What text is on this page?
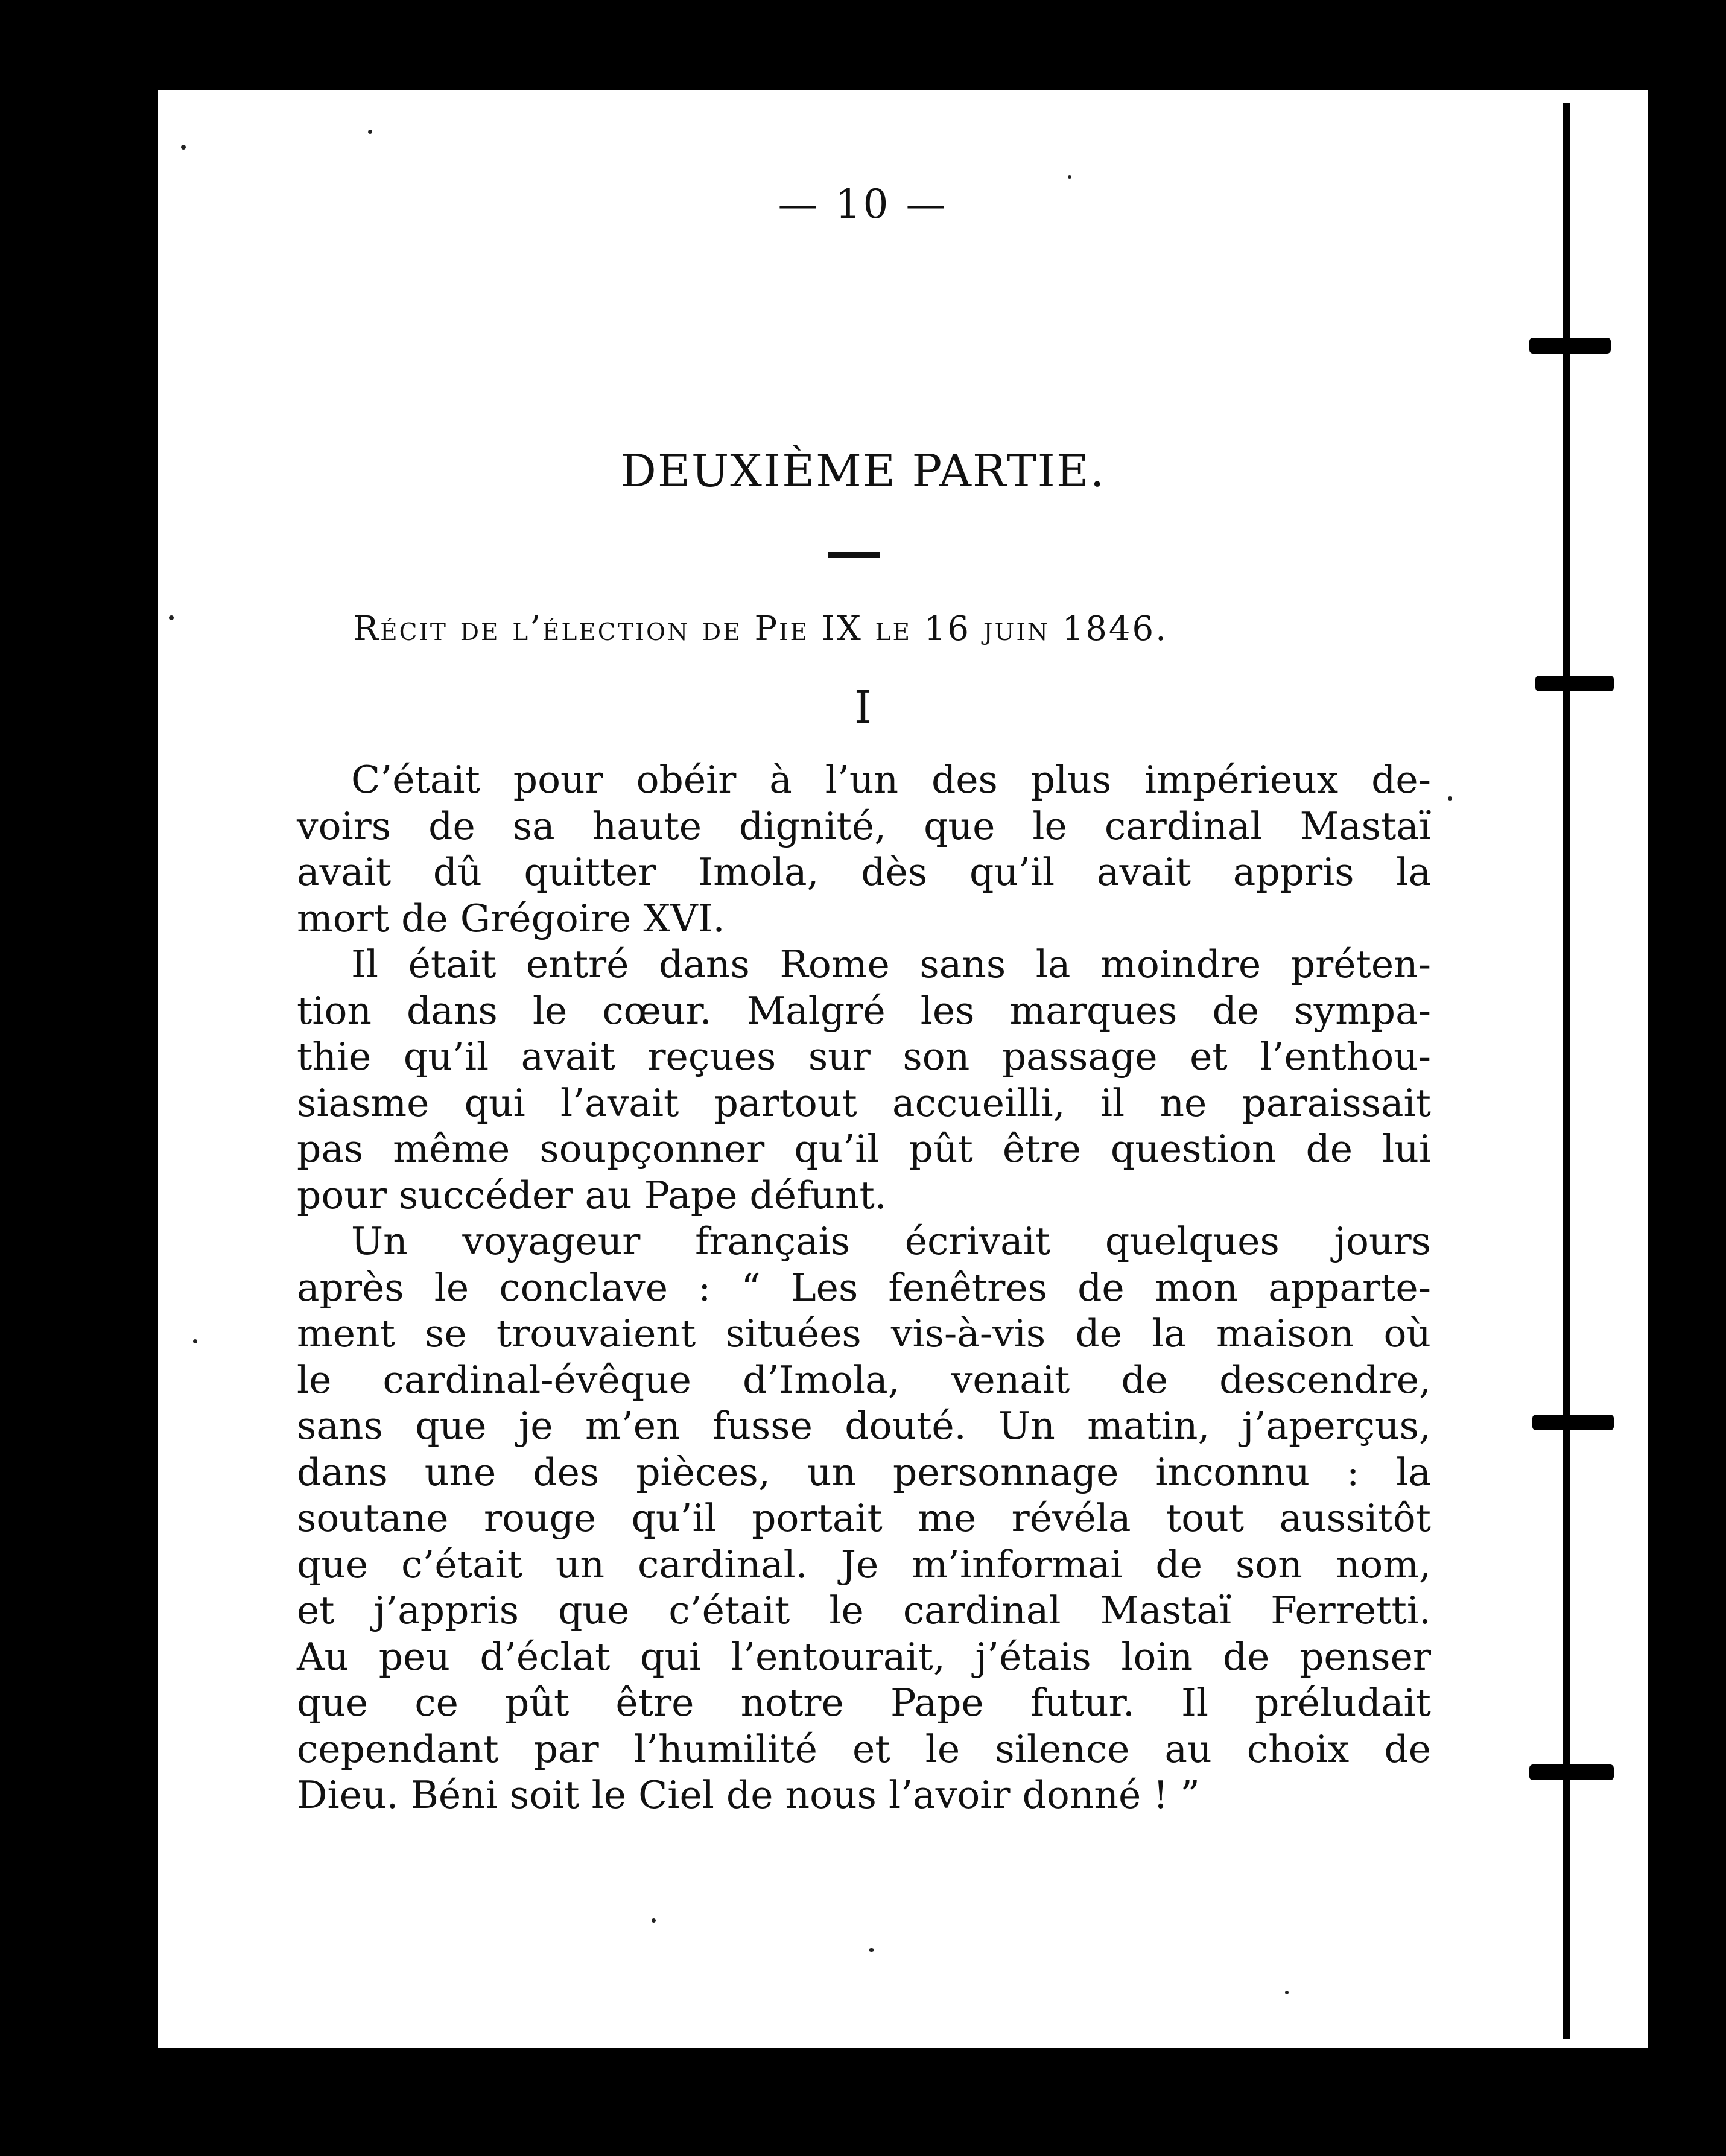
— 10 —
DEUXIÈME PARTIE.
Récit de l’élection de Pie IX le 16 juin 1846.
I
C’était pour obéir à l’un des plus impérieux de-
voirs de sa haute dignité, que le cardinal Mastaï
avait dû quitter Imola, dès qu’il avait appris la
mort de Grégoire XVI.
Il était entré dans Rome sans la moindre préten-
tion dans le cœur. Malgré les marques de sympa-
thie qu’il avait reçues sur son passage et l’enthou-
siasme qui l’avait partout accueilli, il ne paraissait
pas même soupçonner qu’il pût être question de lui
pour succéder au Pape défunt.
Un voyageur français écrivait quelques jours
après le conclave : “ Les fenêtres de mon apparte-
ment se trouvaient situées vis-à-vis de la maison où
le cardinal-évêque d’Imola, venait de descendre,
sans que je m’en fusse douté. Un matin, j’aperçus,
dans une des pièces, un personnage inconnu : la
soutane rouge qu’il portait me révéla tout aussitôt
que c’était un cardinal. Je m’informai de son nom,
et j’appris que c’était le cardinal Mastaï Ferretti.
Au peu d’éclat qui l’entourait, j’étais loin de penser
que ce pût être notre Pape futur. Il préludait
cependant par l’humilité et le silence au choix de
Dieu. Béni soit le Ciel de nous l’avoir donné ! ”
